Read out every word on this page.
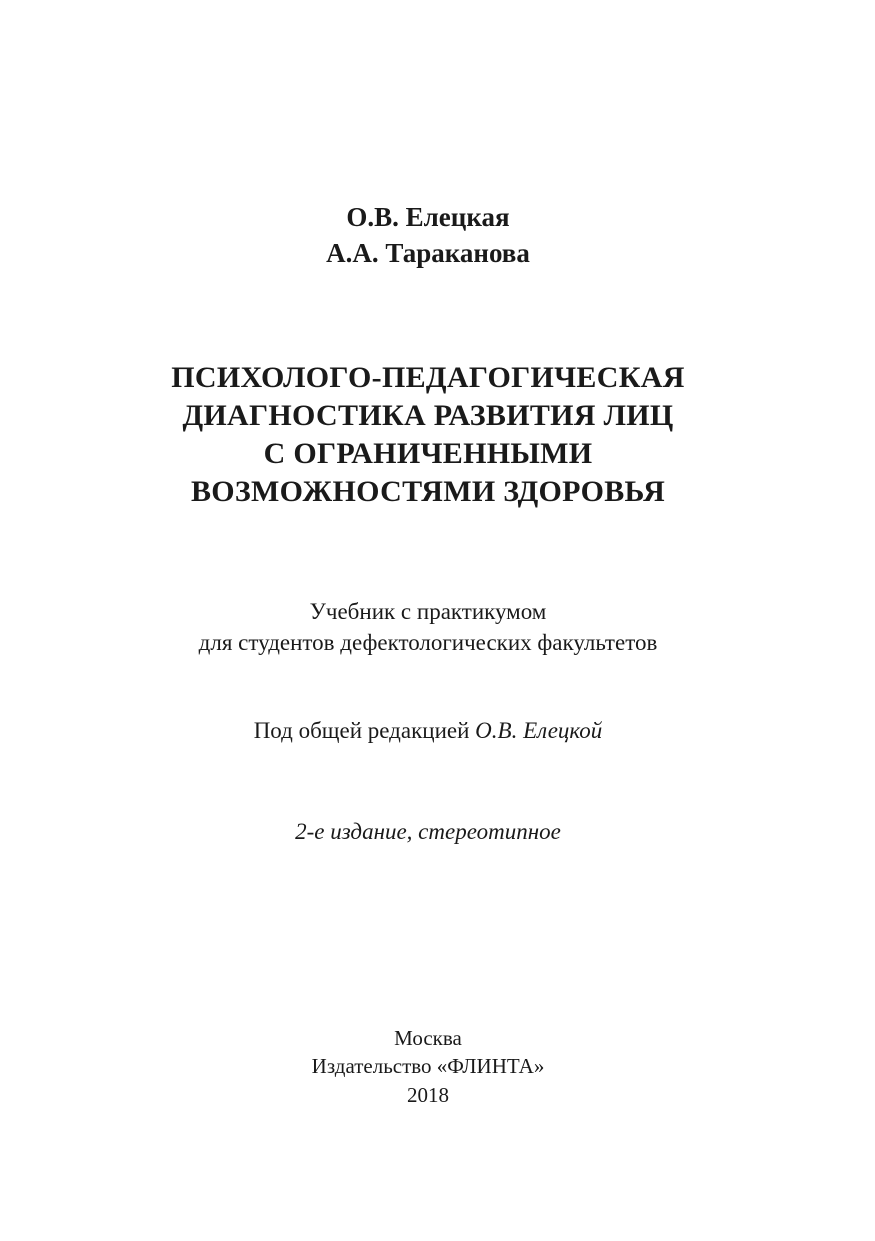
О.В. Елецкая
А.А. Тараканова
ПСИХОЛОГО-ПЕДАГОГИЧЕСКАЯ
ДИАГНОСТИКА РАЗВИТИЯ ЛИЦ
С ОГРАНИЧЕННЫМИ
ВОЗМОЖНОСТЯМИ ЗДОРОВЬЯ
Учебник с практикумом
для студентов дефектологических факультетов
Под общей редакцией О.В. Елецкой
2-е издание, стереотипное
Москва
Издательство «ФЛИНТА»
2018
